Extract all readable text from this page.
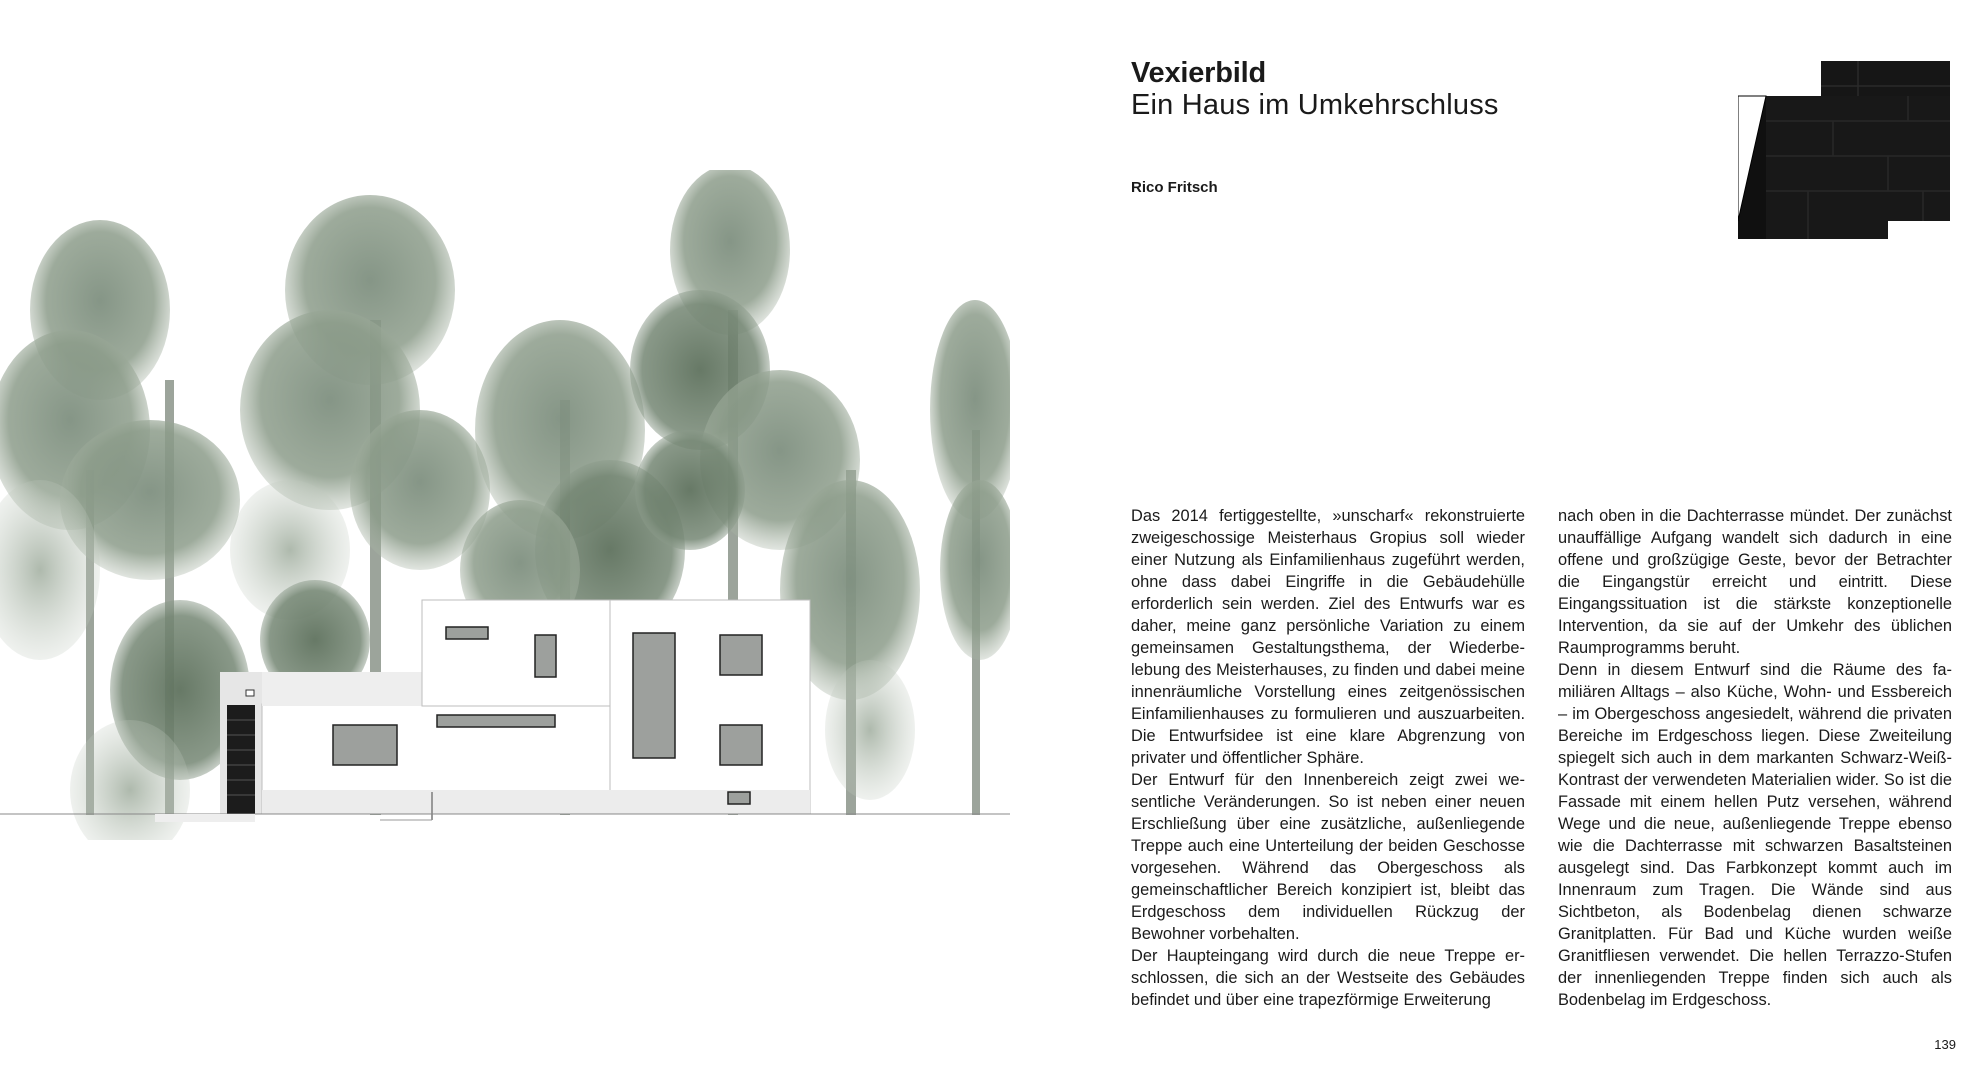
Vexierbild
Ein Haus im Umkehrschluss
Rico Fritsch

Das 2014 fertiggestellte, »unscharf« rekonstruierte zweigeschossige Meisterhaus Gropius soll wieder einer Nutzung als Einfamilienhaus zugeführt werden, ohne dass dabei Eingriffe in die Gebäudehülle erforderlich sein werden. Ziel des Entwurfs war es daher, meine ganz persönliche Variation zu einem gemeinsamen Gestaltungsthema, der Wiederbelebung des Meisterhauses, zu finden und dabei meine innenräumliche Vorstellung eines zeitgenössischen Einfamilienhauses zu formulieren und auszuarbeiten. Die Entwurfsidee ist eine klare Abgrenzung von privater und öffentlicher Sphäre.

Der Entwurf für den Innenbereich zeigt zwei wesentliche Veränderungen. So ist neben einer neuen Erschließung über eine zusätzliche, außenliegende Treppe auch eine Unterteilung der beiden Geschosse vorgesehen. Während das Obergeschoss als gemeinschaftlicher Bereich konzipiert ist, bleibt das Erdgeschoss dem individuellen Rückzug der Bewohner vorbehalten.

Der Haupteingang wird durch die neue Treppe erschlossen, die sich an der Westseite des Gebäudes befindet und über eine trapezförmige Erweiterung

nach oben in die Dachterrasse mündet. Der zunächst unauffällige Aufgang wandelt sich dadurch in eine offene und großzügige Geste, bevor der Betrachter die Eingangstür erreicht und eintritt. Diese Eingangssituation ist die stärkste konzeptionelle Intervention, da sie auf der Umkehr des üblichen Raumprogramms beruht.

Denn in diesem Entwurf sind die Räume des familiären Alltags – also Küche, Wohn- und Essbereich – im Obergeschoss angesiedelt, während die privaten Bereiche im Erdgeschoss liegen. Diese Zweiteilung spiegelt sich auch in dem markanten Schwarz-Weiß-Kontrast der verwendeten Materialien wider. So ist die Fassade mit einem hellen Putz versehen, während Wege und die neue, außenliegende Treppe ebenso wie die Dachterrasse mit schwarzen Basaltsteinen ausgelegt sind. Das Farbkonzept kommt auch im Innenraum zum Tragen. Die Wände sind aus Sichtbeton, als Bodenbelag dienen schwarze Granitplatten. Für Bad und Küche wurden weiße Granitfliesen verwendet. Die hellen Terrazzo-Stufen der innenliegenden Treppe finden sich auch als Bodenbelag im Erdgeschoss.

139
